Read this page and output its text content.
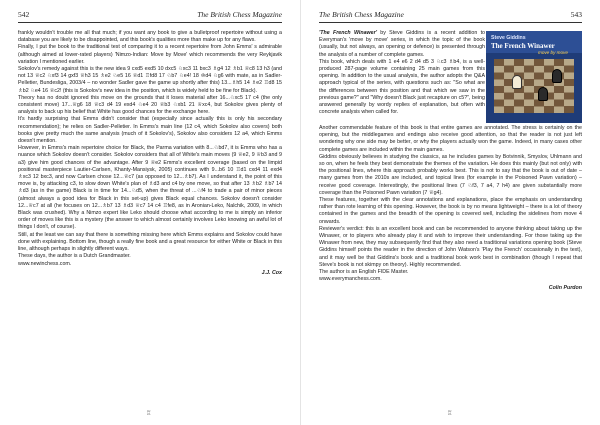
542	The British Chess Magazine

frankly wouldn't trouble me all that much; if you want any book to give a bulletproof repertoire without using a database you are likely to be disappointed, and this book's qualities more than make up for any flaws.

Finally, I put the book to the traditional test of comparing it to a recent repertoire from John Emms' s admirable (although aimed at lower-rated players) 'Nimzo-Indian: Move by Move' which recommends the very Reykjavik variation I mentioned earlier.

Sokolov's remedy against this is the new idea 9 cxd5 exd5 10 dxc5 ♘xc3 11 bxc3 ♗g4 12 ♗b1 ♕c8 13 h3 (and not 13 ♕c2 ♘xf3 14 gxf3 ♕h3 15 ♗e2 ♘e5 16 ♕d1 ♖fd8 17 ♘b7 ♘e4! 18 ♔d4 ♘g6 with mate, as in Sadler-Pelletier, Bundesliga, 2003/4 – no wonder Sadler gave the game up shortly after this) 13...♗h5 14 ♗e2 ♖d8 15 ♗b2 ♘e4 16 ♕c2! (this is Sokolov's new idea in the position, which is widely held to be fine for Black).

Theory has no doubt ignored this move on the grounds that it loses material after 16...♘xc5 17 c4 (the only consistent move) 17...♕g6 18 ♕c3 d4 19 exd4 ♘e4 20 ♕b3 ♘xb1 21 ♕xc4, but Sokolov gives plenty of analysis to back up his belief that White has good chances for the exchange here.

It's hardly surprising that Emms didn't consider that (especially since actually this is only his secondary recommendation); he relies on Sadler-Pelletier. In Emms's main line (12 c4, which Sokolov also covers) both books give pretty much the same analysis (much of it Sokolov's), Sokolov also considers 12 a4, which Emms doesn't mention.

However, in Emms's main repertoire choice for Black, the Parma variation with 8...♘bd7, it is Emms who has a nuance which Sokolov doesn't consider. Sokolov considers that all of White's main moves (9 ♕e2, 9 ♕b3 and 9 a3) give him good chances of the advantage. After 9 ♕e2 Emms's excellent coverage (based on the limpid positional masterpiece Lautier-Carlsen, Khanty-Mansiysk, 2005) continues with 9...b6 10 ♖d1 cxd4 11 exd4 ♗xc3 12 bxc3, and now Carlsen chose 12...♕c7 (as opposed to 12...♗b7). As I understand it, the point of this move is, by attacking c3, to slow down White's plan of ♗d3 and c4 by one move, so that after 13 ♗b2 ♗b7 14 ♗d3 (as in the game) Black is in time for 14...♘d5, when the threat of ...♘f4 to trade a pair of minor pieces (almost always a good idea for Black in this set-up) gives Black equal chances. Sokolov doesn't consider 12...♕c7 at all (he focuses on 12...♗b7 13 ♗d3 ♕c7 14 c4 ♖fe8, as in Aronian-Leko, Nalchik, 2009, in which Black was crushed). Why a Nimzo expert like Leko should choose what according to me is simply an inferior order of moves like this is a mystery (the answer to which almost certainly involves Leko knowing an awful lot of things I don't, of course).

Still, at the least we can say that there is something missing here which Emms explains and Sokolov could have done with explaining. Bottom line, though a really fine book and a great resource for either White or Black in this line, although perhaps in slightly different ways.

These days, the author is a Dutch Grandmaster.

www.newinchess.com.

J.J. Cox

♖
The British Chess Magazine	543

'The French Winawer' by Steve Giddins is a recent addition to Everyman's 'move by move' series, in which the topic of the book (usually, but not always, an opening or defence) is presented through the analysis of a number of complete games.

This book, which deals with 1 e4 e6 2 d4 d5 3 ♘c3 ♗b4, is a well-produced 287-page volume containing 25 main games from this opening. In addition to the usual analysis, the author adopts the Q&A approach typical of the series, with questions such as: "So what are the differences between this position and that which we saw in the previous game?" and "Why doesn't Black just recapture on c5?", being answered generally by wordy replies of explanation, but often with concrete analysis when called for.

Steve Giddins
The French Winawer
move by move

Another commendable feature of this book is that entire games are annotated. The stress is certainly on the opening, but the middlegames and endings also receive good attention, so that the reader is not just left wondering why one side may be better, or why the players actually won the game. Indeed, in many cases other complete games are included within the main games.

Giddins obviously believes in studying the classics, as he includes games by Botvinnik, Smyslov, Uhlmann and so on, when he feels they best demonstrate the themes of the variation. He does this mainly (but not only) with the positional lines, where this approach probably works best. This is not to say that the book is out of date – many games from the 2010s are included, and topical lines (for example in the Poisoned Pawn variation) – receive good coverage. Interestingly, the positional lines (7 ♘f3, 7 a4, 7 h4) are given substantially more coverage than the Poisoned Pawn variation (7 ♕g4).

These features, together with the clear annotations and explanations, place the emphasis on understanding rather than rote learning of this opening. However, the book is by no means lightweight – there is a lot of theory contained in the games and the breadth of the opening is covered well, including the sidelines from move 4 onwards.

Reviewer's verdict: this is an excellent book and can be recommended to anyone thinking about taking up the Winawer, or to players who already play it and wish to improve their understanding. For those taking up the Winawer from new, they may subsequently find that they also need a traditional variations opening book (Steve Giddins himself points the reader in the direction of John Watson's 'Play the French' occasionally in the text), and it may well be that Giddins's book and a traditional book work best in combination (though I repeat that Steve's book is not skimpy on theory). Highly recommended.

The author is an English FIDE Master.

www.everymanchess.com.

Colin Purdon

♖
